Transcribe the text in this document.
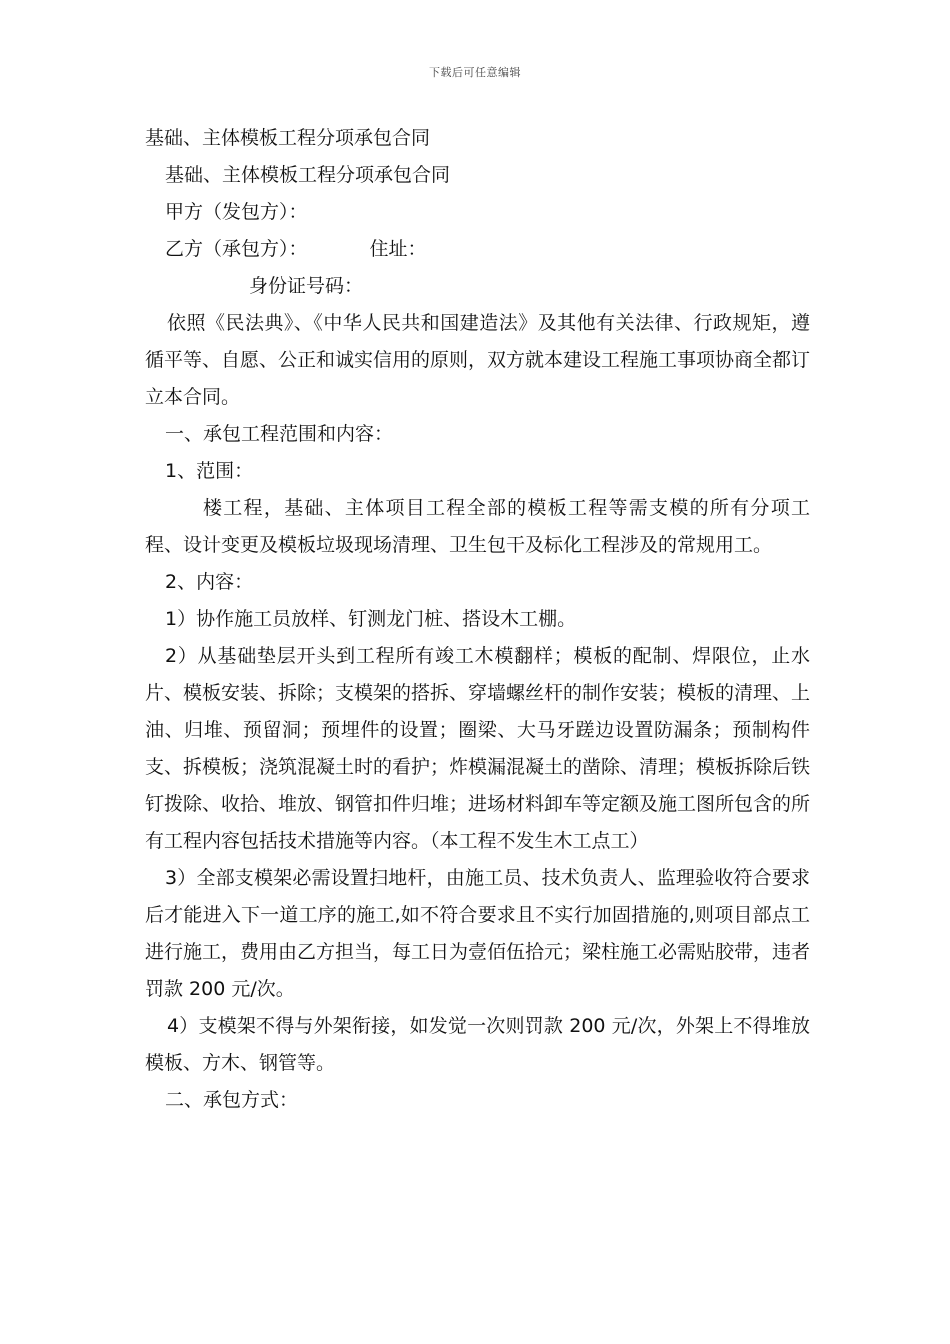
下载后可任意编辑

基础、主体模板工程分项承包合同

基础、主体模板工程分项承包合同

甲方（发包方）：

乙方（承包方）：	住址：

身份证号码：

依照《民法典》、《中华人民共和国建造法》及其他有关法律、行政规矩，遵循平等、自愿、公正和诚实信用的原则，双方就本建设工程施工事项协商全都订立本合同。

一、承包工程范围和内容：

1、范围：

楼工程，基础、主体项目工程全部的模板工程等需支模的所有分项工程、设计变更及模板垃圾现场清理、卫生包干及标化工程涉及的常规用工。

2、内容：

1）协作施工员放样、钉测龙门桩、搭设木工棚。

2）从基础垫层开头到工程所有竣工木模翻样；模板的配制、焊限位，止水片、模板安装、拆除；支模架的搭拆、穿墙螺丝杆的制作安装；模板的清理、上油、归堆、预留洞；预埋件的设置；圈梁、大马牙蹉边设置防漏条；预制构件支、拆模板；浇筑混凝土时的看护；炸模漏混凝土的凿除、清理；模板拆除后铁钉拨除、收拾、堆放、钢管扣件归堆；进场材料卸车等定额及施工图所包含的所有工程内容包括技术措施等内容。（本工程不发生木工点工）

3）全部支模架必需设置扫地杆，由施工员、技术负责人、监理验收符合要求后才能进入下一道工序的施工,如不符合要求且不实行加固措施的,则项目部点工进行施工，费用由乙方担当，每工日为壹佰伍拾元；梁柱施工必需贴胶带，违者罚款 200 元/次。

4）支模架不得与外架衔接，如发觉一次则罚款 200 元/次，外架上不得堆放模板、方木、钢管等。

二、承包方式：
